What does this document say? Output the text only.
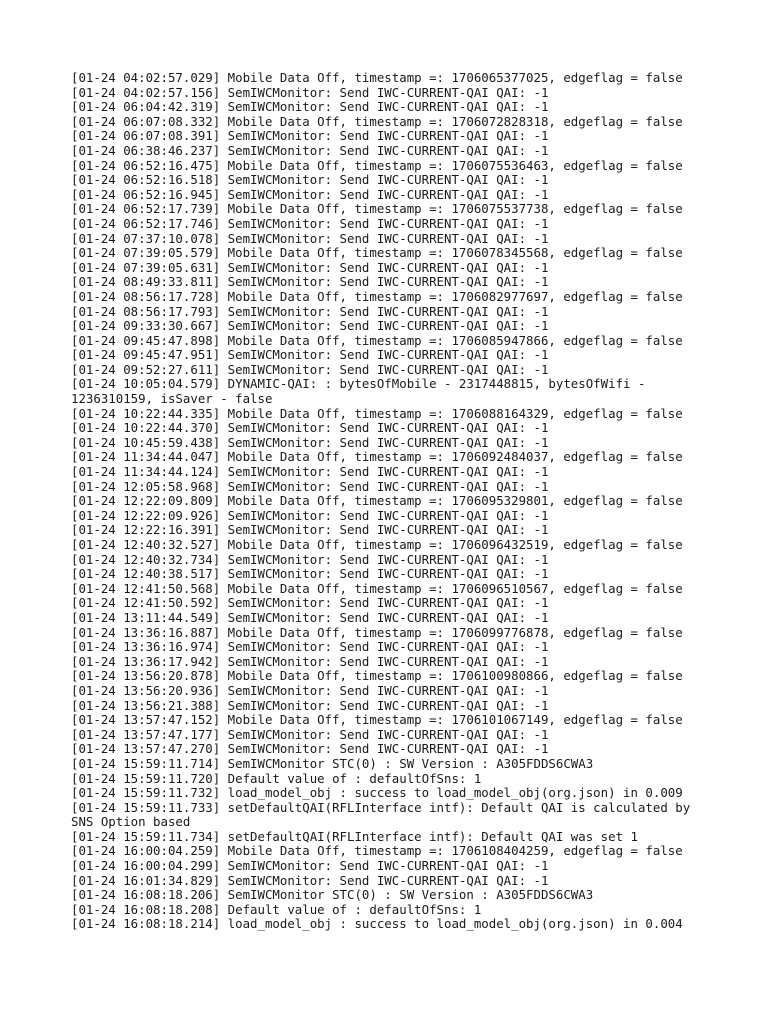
[01-24 04:02:57.029] Mobile Data Off, timestamp =: 1706065377025, edgeflag = false
[01-24 04:02:57.156] SemIWCMonitor: Send IWC-CURRENT-QAI QAI: -1
[01-24 06:04:42.319] SemIWCMonitor: Send IWC-CURRENT-QAI QAI: -1
[01-24 06:07:08.332] Mobile Data Off, timestamp =: 1706072828318, edgeflag = false
[01-24 06:07:08.391] SemIWCMonitor: Send IWC-CURRENT-QAI QAI: -1
[01-24 06:38:46.237] SemIWCMonitor: Send IWC-CURRENT-QAI QAI: -1
[01-24 06:52:16.475] Mobile Data Off, timestamp =: 1706075536463, edgeflag = false
[01-24 06:52:16.518] SemIWCMonitor: Send IWC-CURRENT-QAI QAI: -1
[01-24 06:52:16.945] SemIWCMonitor: Send IWC-CURRENT-QAI QAI: -1
[01-24 06:52:17.739] Mobile Data Off, timestamp =: 1706075537738, edgeflag = false
[01-24 06:52:17.746] SemIWCMonitor: Send IWC-CURRENT-QAI QAI: -1
[01-24 07:37:10.078] SemIWCMonitor: Send IWC-CURRENT-QAI QAI: -1
[01-24 07:39:05.579] Mobile Data Off, timestamp =: 1706078345568, edgeflag = false
[01-24 07:39:05.631] SemIWCMonitor: Send IWC-CURRENT-QAI QAI: -1
[01-24 08:49:33.811] SemIWCMonitor: Send IWC-CURRENT-QAI QAI: -1
[01-24 08:56:17.728] Mobile Data Off, timestamp =: 1706082977697, edgeflag = false
[01-24 08:56:17.793] SemIWCMonitor: Send IWC-CURRENT-QAI QAI: -1
[01-24 09:33:30.667] SemIWCMonitor: Send IWC-CURRENT-QAI QAI: -1
[01-24 09:45:47.898] Mobile Data Off, timestamp =: 1706085947866, edgeflag = false
[01-24 09:45:47.951] SemIWCMonitor: Send IWC-CURRENT-QAI QAI: -1
[01-24 09:52:27.611] SemIWCMonitor: Send IWC-CURRENT-QAI QAI: -1
[01-24 10:05:04.579] DYNAMIC-QAI: : bytesOfMobile - 2317448815, bytesOfWifi - 1236310159, isSaver - false
[01-24 10:22:44.335] Mobile Data Off, timestamp =: 1706088164329, edgeflag = false
[01-24 10:22:44.370] SemIWCMonitor: Send IWC-CURRENT-QAI QAI: -1
[01-24 10:45:59.438] SemIWCMonitor: Send IWC-CURRENT-QAI QAI: -1
[01-24 11:34:44.047] Mobile Data Off, timestamp =: 1706092484037, edgeflag = false
[01-24 11:34:44.124] SemIWCMonitor: Send IWC-CURRENT-QAI QAI: -1
[01-24 12:05:58.968] SemIWCMonitor: Send IWC-CURRENT-QAI QAI: -1
[01-24 12:22:09.809] Mobile Data Off, timestamp =: 1706095329801, edgeflag = false
[01-24 12:22:09.926] SemIWCMonitor: Send IWC-CURRENT-QAI QAI: -1
[01-24 12:22:16.391] SemIWCMonitor: Send IWC-CURRENT-QAI QAI: -1
[01-24 12:40:32.527] Mobile Data Off, timestamp =: 1706096432519, edgeflag = false
[01-24 12:40:32.734] SemIWCMonitor: Send IWC-CURRENT-QAI QAI: -1
[01-24 12:40:38.517] SemIWCMonitor: Send IWC-CURRENT-QAI QAI: -1
[01-24 12:41:50.568] Mobile Data Off, timestamp =: 1706096510567, edgeflag = false
[01-24 12:41:50.592] SemIWCMonitor: Send IWC-CURRENT-QAI QAI: -1
[01-24 13:11:44.549] SemIWCMonitor: Send IWC-CURRENT-QAI QAI: -1
[01-24 13:36:16.887] Mobile Data Off, timestamp =: 1706099776878, edgeflag = false
[01-24 13:36:16.974] SemIWCMonitor: Send IWC-CURRENT-QAI QAI: -1
[01-24 13:36:17.942] SemIWCMonitor: Send IWC-CURRENT-QAI QAI: -1
[01-24 13:56:20.878] Mobile Data Off, timestamp =: 1706100980866, edgeflag = false
[01-24 13:56:20.936] SemIWCMonitor: Send IWC-CURRENT-QAI QAI: -1
[01-24 13:56:21.388] SemIWCMonitor: Send IWC-CURRENT-QAI QAI: -1
[01-24 13:57:47.152] Mobile Data Off, timestamp =: 1706101067149, edgeflag = false
[01-24 13:57:47.177] SemIWCMonitor: Send IWC-CURRENT-QAI QAI: -1
[01-24 13:57:47.270] SemIWCMonitor: Send IWC-CURRENT-QAI QAI: -1
[01-24 15:59:11.714] SemIWCMonitor STC(0) : SW Version : A305FDDS6CWA3
[01-24 15:59:11.720] Default value of : defaultOfSns: 1
[01-24 15:59:11.732] load_model_obj : success to load_model_obj(org.json) in 0.009
[01-24 15:59:11.733] setDefaultQAI(RFLInterface intf): Default QAI is calculated by SNS Option based
[01-24 15:59:11.734] setDefaultQAI(RFLInterface intf): Default QAI was set 1
[01-24 16:00:04.259] Mobile Data Off, timestamp =: 1706108404259, edgeflag = false
[01-24 16:00:04.299] SemIWCMonitor: Send IWC-CURRENT-QAI QAI: -1
[01-24 16:01:34.829] SemIWCMonitor: Send IWC-CURRENT-QAI QAI: -1
[01-24 16:08:18.206] SemIWCMonitor STC(0) : SW Version : A305FDDS6CWA3
[01-24 16:08:18.208] Default value of : defaultOfSns: 1
[01-24 16:08:18.214] load_model_obj : success to load_model_obj(org.json) in 0.004
